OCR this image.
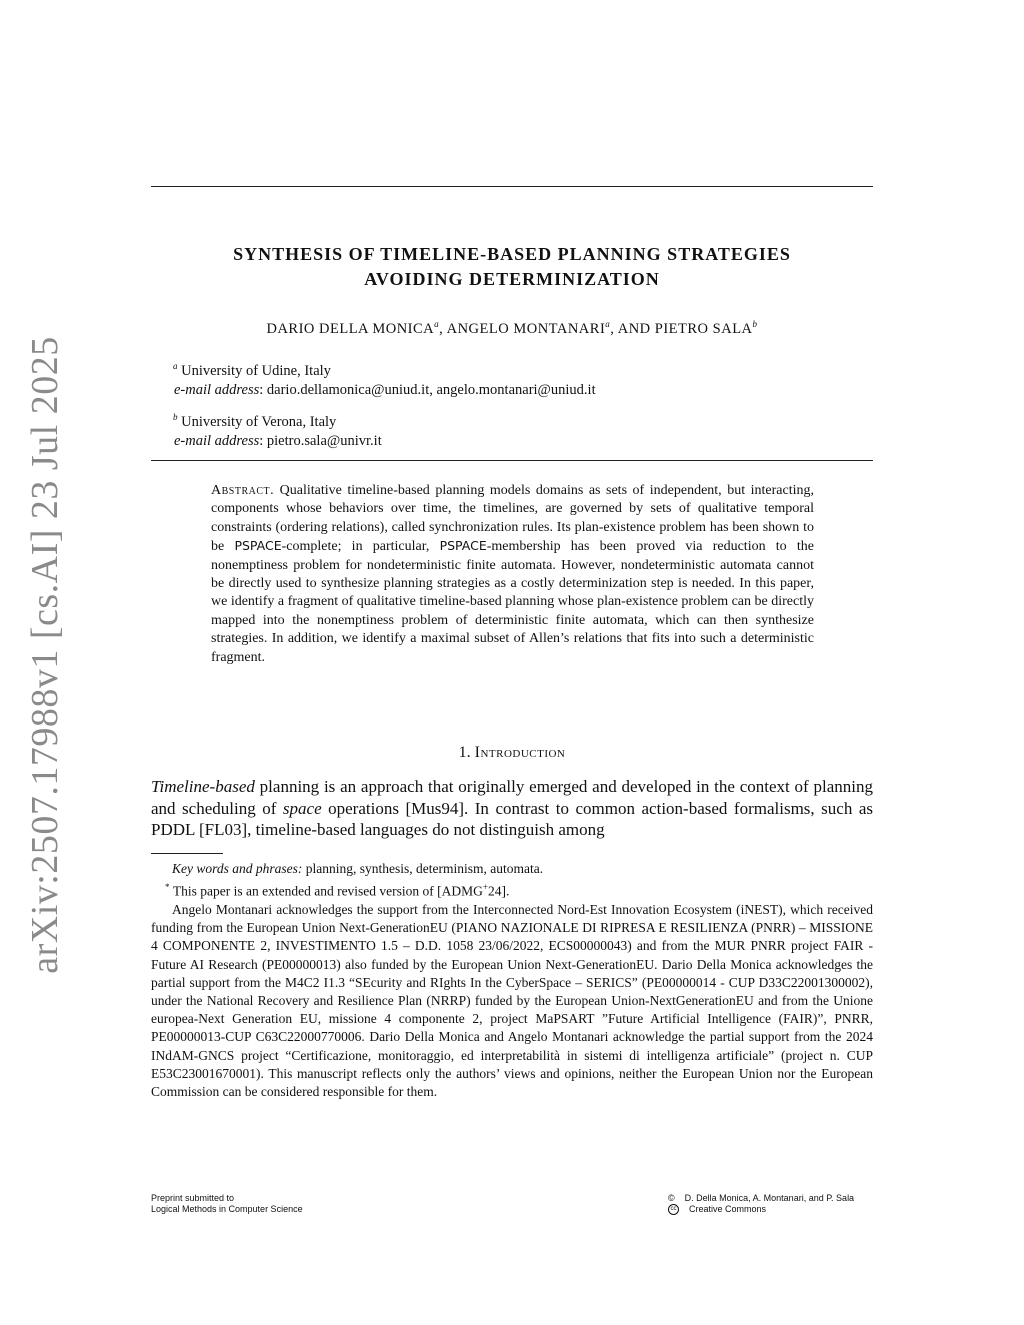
arXiv:2507.17988v1 [cs.AI] 23 Jul 2025
SYNTHESIS OF TIMELINE-BASED PLANNING STRATEGIES
AVOIDING DETERMINIZATION
DARIO DELLA MONICA$^a$, ANGELO MONTANARI$^a$, AND PIETRO SALA$^b$
$^a$ University of Udine, Italy
e-mail address: dario.dellamonica@uniud.it, angelo.montanari@uniud.it
$^b$ University of Verona, Italy
e-mail address: pietro.sala@univr.it
Abstract. Qualitative timeline-based planning models domains as sets of independent, but interacting, components whose behaviors over time, the timelines, are governed by sets of qualitative temporal constraints (ordering relations), called synchronization rules. Its plan-existence problem has been shown to be PSPACE-complete; in particular, PSPACE-membership has been proved via reduction to the nonemptiness problem for nondeterministic finite automata. However, nondeterministic automata cannot be directly used to synthesize planning strategies as a costly determinization step is needed. In this paper, we identify a fragment of qualitative timeline-based planning whose plan-existence problem can be directly mapped into the nonemptiness problem of deterministic finite automata, which can then synthesize strategies. In addition, we identify a maximal subset of Allen’s relations that fits into such a deterministic fragment.
1. Introduction
Timeline-based planning is an approach that originally emerged and developed in the context of planning and scheduling of space operations [Mus94]. In contrast to common action-based formalisms, such as PDDL [FL03], timeline-based languages do not distinguish among
Key words and phrases: planning, synthesis, determinism, automata.
* This paper is an extended and revised version of [ADMG+24].
Angelo Montanari acknowledges the support from the Interconnected Nord-Est Innovation Ecosystem (iNEST), which received funding from the European Union Next-GenerationEU (PIANO NAZIONALE DI RIPRESA E RESILIENZA (PNRR) – MISSIONE 4 COMPONENTE 2, INVESTIMENTO 1.5 – D.D. 1058 23/06/2022, ECS00000043) and from the MUR PNRR project FAIR - Future AI Research (PE00000013) also funded by the European Union Next-GenerationEU. Dario Della Monica acknowledges the partial support from the M4C2 I1.3 “SEcurity and RIghts In the CyberSpace – SERICS” (PE00000014 - CUP D33C22001300002), under the National Recovery and Resilience Plan (NRRP) funded by the European Union-NextGenerationEU and from the Unione europea-Next Generation EU, missione 4 componente 2, project MaPSART ”Future Artificial Intelligence (FAIR)”, PNRR, PE00000013-CUP C63C22000770006. Dario Della Monica and Angelo Montanari acknowledge the partial support from the 2024 INdAM-GNCS project “Certificazione, monitoraggio, ed interpretabilità in sistemi di intelligenza artificiale” (project n. CUP E53C23001670001). This manuscript reflects only the authors’ views and opinions, neither the European Union nor the European Commission can be considered responsible for them.
Preprint submitted to
Logical Methods in Computer Science
© D. Della Monica, A. Montanari, and P. Sala
cc Creative Commons
